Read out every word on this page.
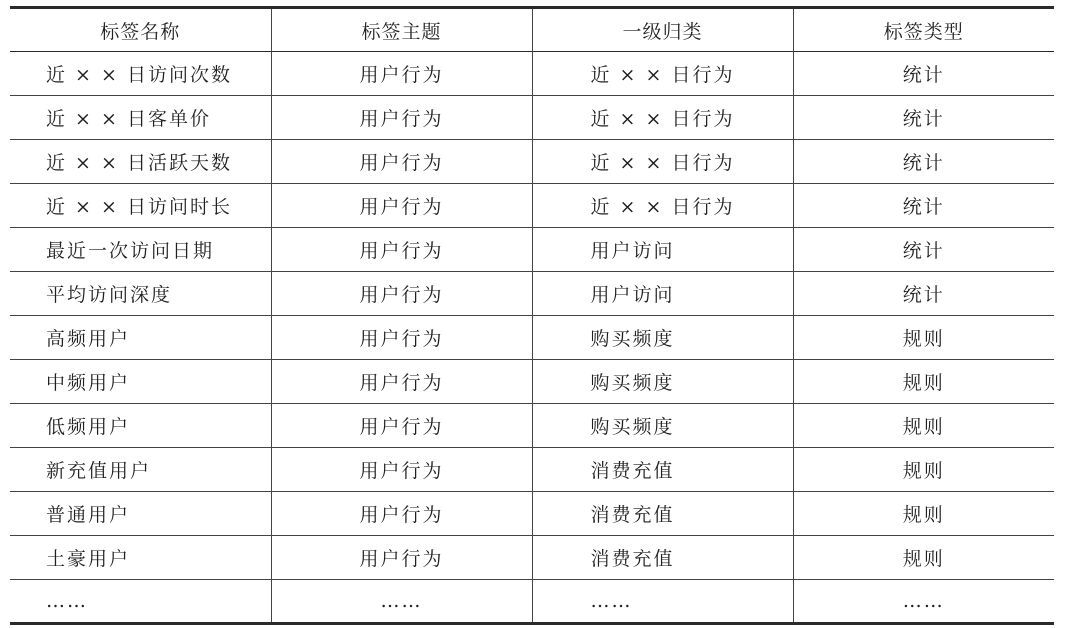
标签名称	标签主题	一级归类	标签类型
近 × × 日访问次数	用户行为	近 × × 日行为	统计
近 × × 日客单价	用户行为	近 × × 日行为	统计
近 × × 日活跃天数	用户行为	近 × × 日行为	统计
近 × × 日访问时长	用户行为	近 × × 日行为	统计
最近一次访问日期	用户行为	用户访问	统计
平均访问深度	用户行为	用户访问	统计
高频用户	用户行为	购买频度	规则
中频用户	用户行为	购买频度	规则
低频用户	用户行为	购买频度	规则
新充值用户	用户行为	消费充值	规则
普通用户	用户行为	消费充值	规则
土豪用户	用户行为	消费充值	规则
……	……	……	……
